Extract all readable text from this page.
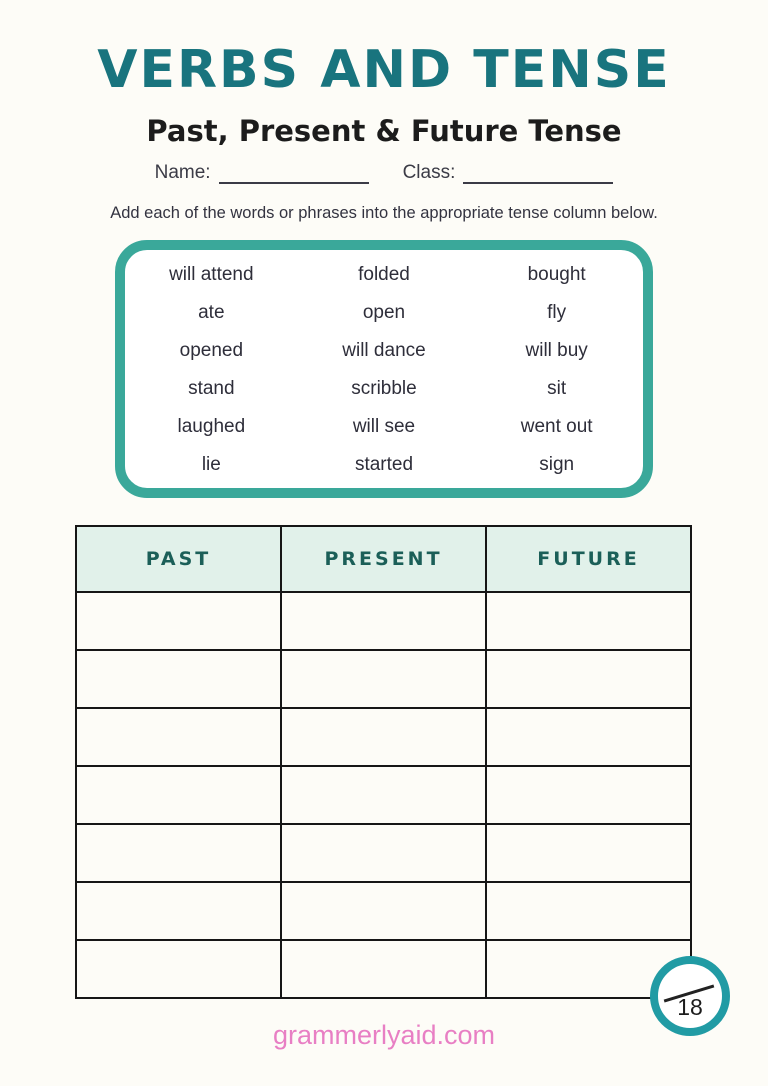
VERBS AND TENSE
Past, Present & Future Tense
Name:	Class:
Add each of the words or phrases into the appropriate tense column below.
will attend	folded	bought
ate	open	fly
opened	will dance	will buy
stand	scribble	sit
laughed	will see	went out
lie	started	sign
PAST	PRESENT	FUTURE

18
grammerlyaid.com
